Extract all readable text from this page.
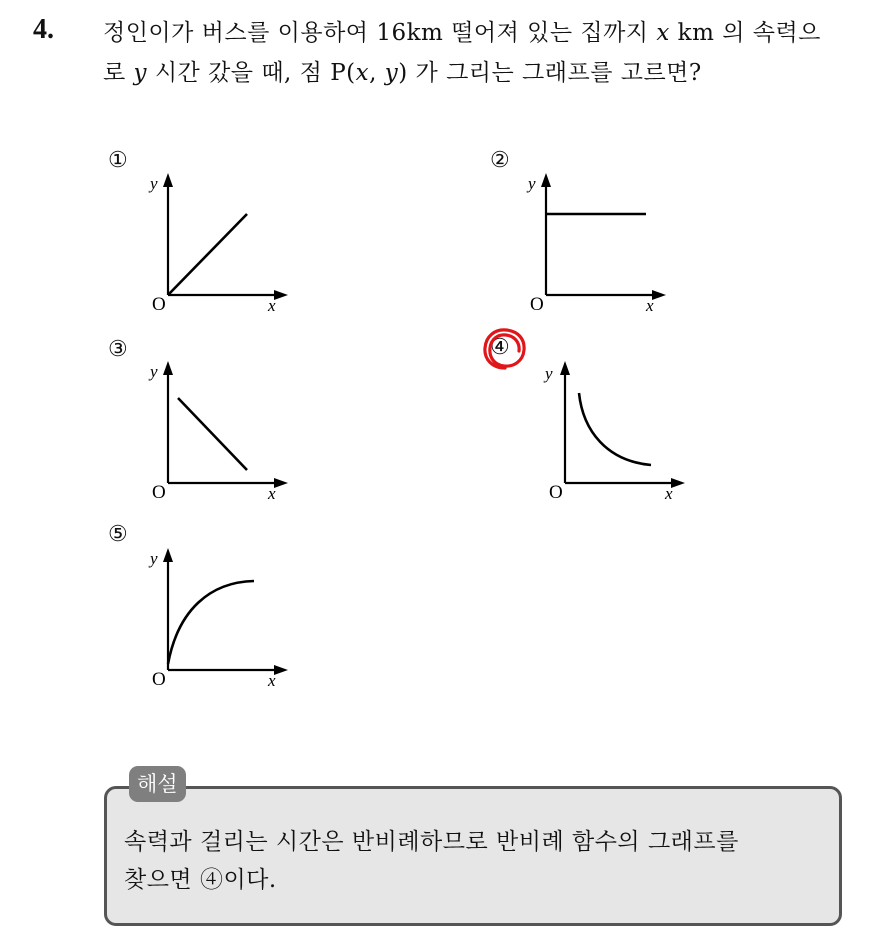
4. 정인이가 버스를 이용하여 16km 떨어져 있는 집까지 x km 의 속력으
로 y 시간 갔을 때, 점 P(x, y) 가 그리는 그래프를 고르면?
①	②
③	④
⑤
y
O	x
y
O	x
y
O	x
y
O	x
y
O	x
해설
속력과 걸리는 시간은 반비례하므로 반비례 함수의 그래프를
찾으면 ④이다.
